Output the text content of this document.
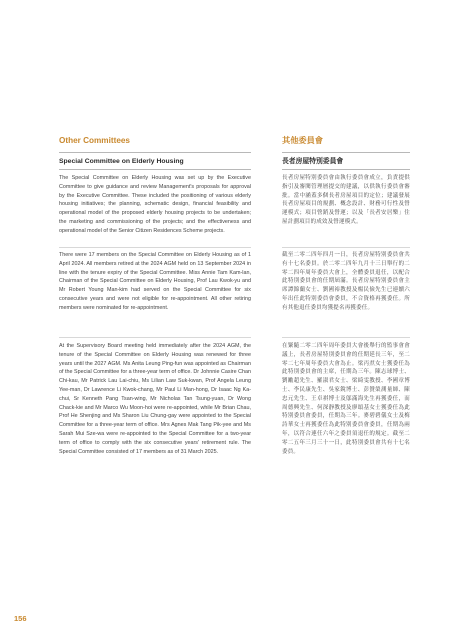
Other Committees

Special Committee on Elderly Housing

The Special Committee on Elderly Housing was set up by the Executive Committee to give guidance and review Management's proposals for approval by the Executive Committee. These included the positioning of various elderly housing initiatives; the planning, schematic design, financial feasibility and operational model of the proposed elderly housing projects to be undertaken; the marketing and commissioning of the projects; and the effectiveness and operational model of the Senior Citizen Residences Scheme projects.

There were 17 members on the Special Committee on Elderly Housing as of 1 April 2024. All members retired at the 2024 AGM held on 13 September 2024 in line with the tenure expiry of the Special Committee. Miss Annie Tam Kam-lan, Chairman of the Special Committee on Elderly Housing, Prof Lau Kwok-yu and Mr Robert Young Man-kim had served on the Special Committee for six consecutive years and were not eligible for re-appointment. All other retiring members were nominated for re-appointment.

At the Supervisory Board meeting held immediately after the 2024 AGM, the tenure of the Special Committee on Elderly Housing was renewed for three years until the 2027 AGM. Ms Anita Leung Ping-fun was appointed as Chairman of the Special Committee for a three-year term of office. Dr Johnnie Casire Chan Chi-kau, Mr Patrick Lau Lai-chiu, Ms Lilian Law Suk-kwan, Prof Angela Leung Yee-man, Dr Lawrence Li Kwok-chang, Mr Paul Li Man-hong, Dr Isaac Ng Ka-chui, Sr Kenneth Pang Tsan-wing, Mr Nicholas Tan Tsung-yuan, Dr Wong Chack-kie and Mr Marco Wu Moon-hoi were re-appointed, while Mr Brian Chau, Prof He Shenjing and Ms Sharon Liu Chung-gay were appointed to the Special Committee for a three-year term of office. Mrs Agnes Mak Tang Pik-yee and Ms Sarah Mui Sze-wa were re-appointed to the Special Committee for a two-year term of office to comply with the six consecutive years' retirement rule. The Special Committee consisted of 17 members as of 31 March 2025.

其他委員會

長者房屋特別委員會

長者房屋特別委員會由執行委員會成立，負責提供指引及審閱管理層提交的建議，以供執行委員會審批。當中涵蓋多個長者房屋項目的定位；建議發展長者房屋項目的規劃、概念設計、財務可行性及營運模式；項目營銷及營運；以及「長者安居樂」住屋計劃項目的成效及營運模式。

截至二零二四年四月一日，長者房屋特別委員會共有十七名委員。於二零二四年九月十三日舉行的二零二四年周年委員大會上，全體委員退任，以配合此特別委員會的任期屆滿。長者房屋特別委員會主席譚錦蘭女士、劉國裕教授及楊民儉先生已連續六年出任此特別委員會委員，不合資格再獲委任。所有其他退任委員均獲提名再獲委任。

在緊隨二零二四年周年委員大會後舉行的監事會會議上，長者房屋特別委員會的任期延長三年，至二零二七年周年委員大會為止。梁丙焄女士獲委任為此特別委員會的主席，任期為三年。陳志球博士、劉勵超先生、羅淑君女士、梁綺雯教授、李國章博士、李民康先生、吳家銳博士、彭贊榮測量師、陳忠元先生、王卓祺博士及鄔滿海先生再獲委任，而周德興先生、何深靜教授及廖頌基女士獲委任為此特別委員會委員，任期為三年。麥碧碧儀女士及梅詩華女士再獲委任為此特別委員會委員，任期為兩年，以符合連任六年之委員須退任的規定。截至二零二五年三月三十一日，此特別委員會共有十七名委員。

156
